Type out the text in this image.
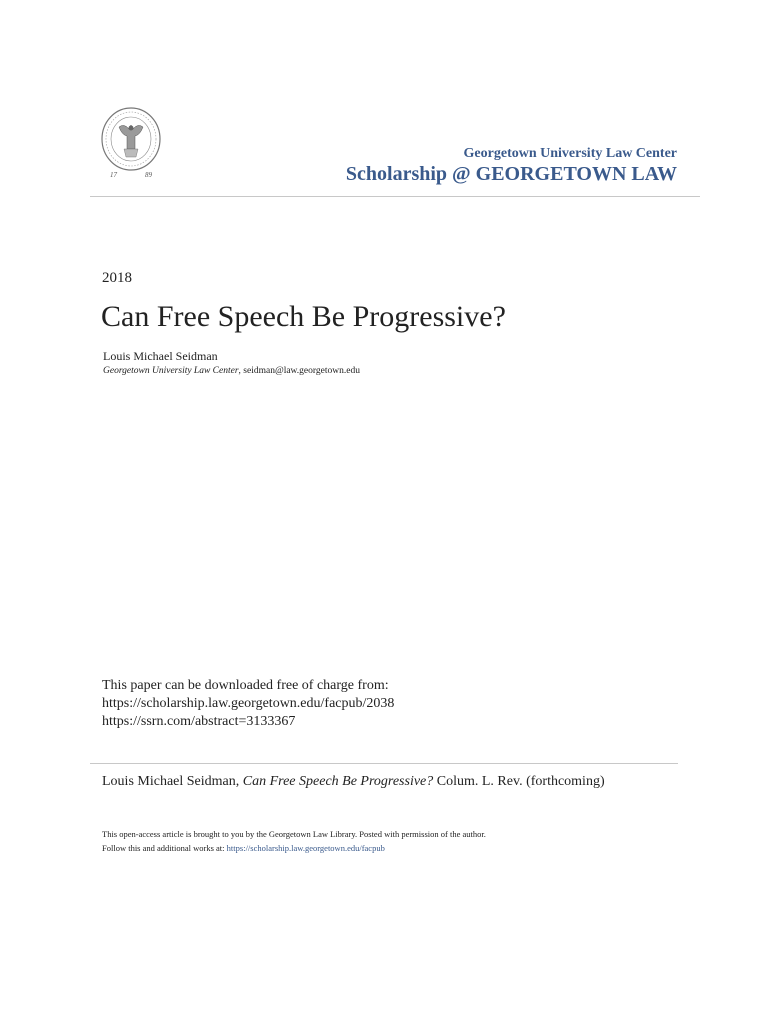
17	89
Georgetown University Law Center
Scholarship @ GEORGETOWN LAW
2018
Can Free Speech Be Progressive?
Louis Michael Seidman
Georgetown University Law Center, seidman@law.georgetown.edu
This paper can be downloaded free of charge from:
https://scholarship.law.georgetown.edu/facpub/2038
https://ssrn.com/abstract=3133367
Louis Michael Seidman, Can Free Speech Be Progressive? Colum. L. Rev. (forthcoming)
This open-access article is brought to you by the Georgetown Law Library. Posted with permission of the author.
Follow this and additional works at: https://scholarship.law.georgetown.edu/facpub
